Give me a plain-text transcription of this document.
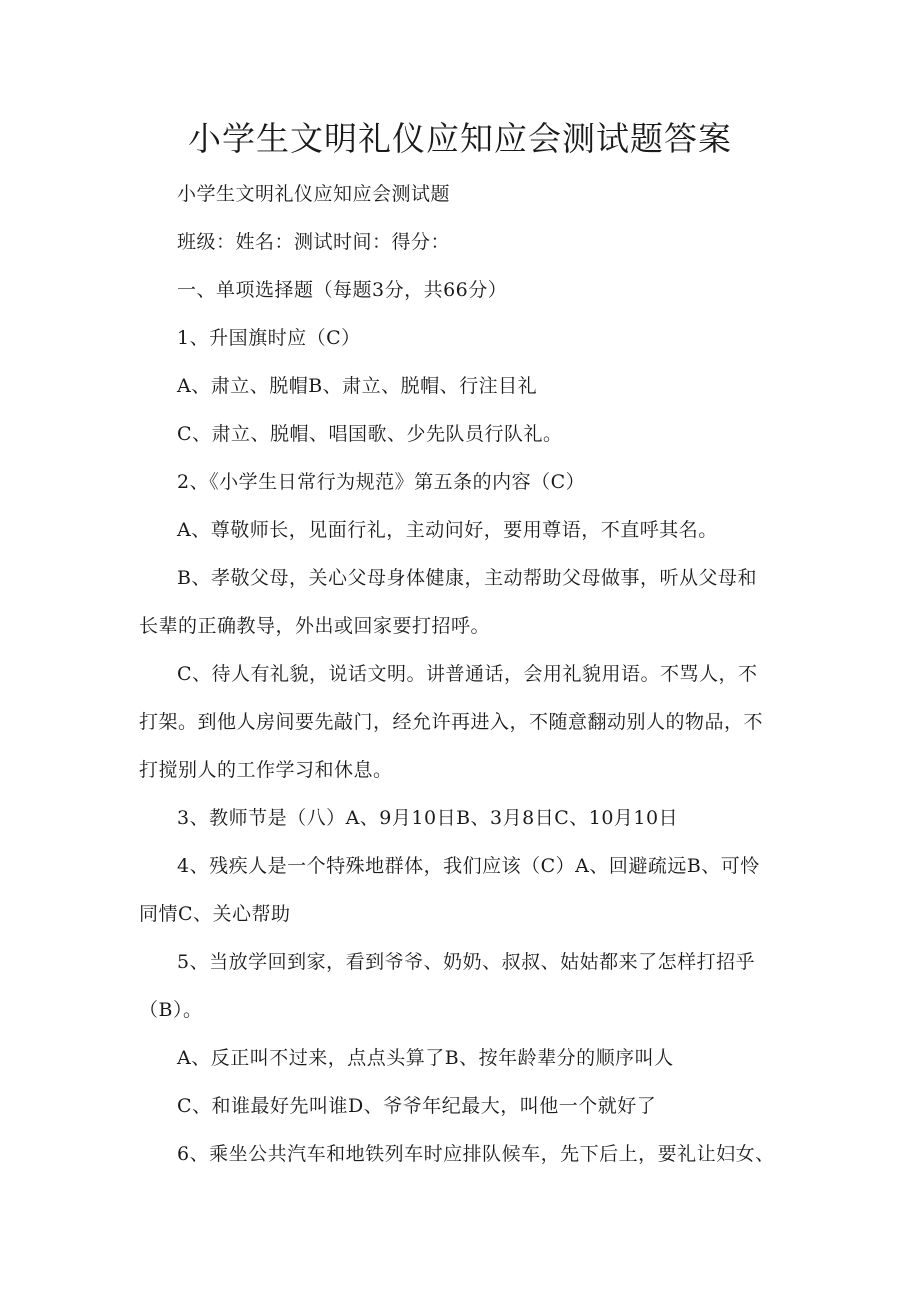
小学生文明礼仪应知应会测试题答案

小学生文明礼仪应知应会测试题

班级：姓名：测试时间：得分：

一、单项选择题（每题3分，共66分）

1、升国旗时应（C）

A、肃立、脱帽B、肃立、脱帽、行注目礼

C、肃立、脱帽、唱国歌、少先队员行队礼。

2、《小学生日常行为规范》第五条的内容（C）

A、尊敬师长，见面行礼，主动问好，要用尊语，不直呼其名。

B、孝敬父母，关心父母身体健康，主动帮助父母做事，听从父母和

长辈的正确教导，外出或回家要打招呼。

C、待人有礼貌，说话文明。讲普通话，会用礼貌用语。不骂人，不

打架。到他人房间要先敲门，经允许再进入，不随意翻动别人的物品，不

打搅别人的工作学习和休息。

3、教师节是（八）A、9月10日B、3月8日C、10月10日

4、残疾人是一个特殊地群体，我们应该（C）A、回避疏远B、可怜

同情C、关心帮助

5、当放学回到家，看到爷爷、奶奶、叔叔、姑姑都来了怎样打招乎

（B）。

A、反正叫不过来，点点头算了B、按年龄辈分的顺序叫人

C、和谁最好先叫谁D、爷爷年纪最大，叫他一个就好了

6、乘坐公共汽车和地铁列车时应排队候车，先下后上，要礼让妇女、
